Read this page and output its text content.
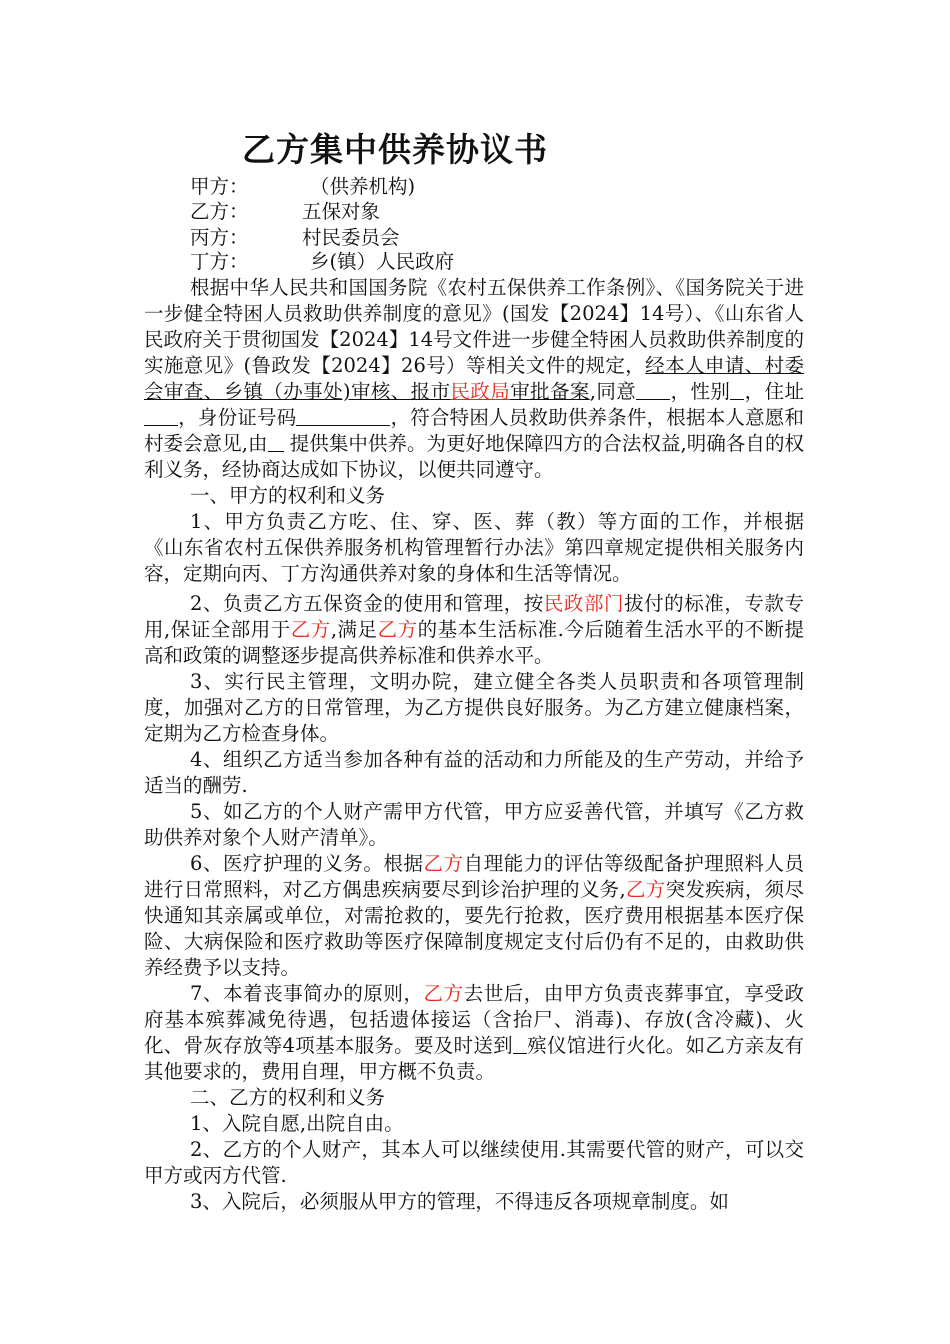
乙方集中供养协议书
甲方：	（供养机构)
乙方：	五保对象
丙方：	村民委员会
丁方：	乡(镇）人民政府

根据中华人民共和国国务院《农村五保供养工作条例》、《国务院关于进一步健全特困人员救助供养制度的意见》(国发【2024】14号）、《山东省人民政府关于贯彻国发【2024】14号文件进一步健全特困人员救助供养制度的实施意见》(鲁政发【2024】26号）等相关文件的规定，经本人申请、村委会审查、乡镇（办事处)审核、报市民政局审批备案,同意 ，性别 ，住址，身份证号码	，符合特困人员救助供养条件，根据本人意愿和村委会意见,由 提供集中供养。为更好地保障四方的合法权益,明确各自的权利义务，经协商达成如下协议，以便共同遵守。

一、甲方的权利和义务

1、甲方负责乙方吃、住、穿、医、葬（教）等方面的工作，并根据《山东省农村五保供养服务机构管理暂行办法》第四章规定提供相关服务内容，定期向丙、丁方沟通供养对象的身体和生活等情况。

2、负责乙方五保资金的使用和管理，按民政部门拔付的标准，专款专用,保证全部用于乙方,满足乙方的基本生活标准.今后随着生活水平的不断提高和政策的调整逐步提高供养标准和供养水平。

3、实行民主管理，文明办院，建立健全各类人员职责和各项管理制度，加强对乙方的日常管理，为乙方提供良好服务。为乙方建立健康档案，定期为乙方检查身体。

4、组织乙方适当参加各种有益的活动和力所能及的生产劳动，并给予适当的酬劳.

5、如乙方的个人财产需甲方代管，甲方应妥善代管，并填写《乙方救助供养对象个人财产清单》。

6、医疗护理的义务。根据乙方自理能力的评估等级配备护理照料人员进行日常照料，对乙方偶患疾病要尽到诊治护理的义务,乙方突发疾病，须尽快通知其亲属或单位，对需抢救的，要先行抢救，医疗费用根据基本医疗保险、大病保险和医疗救助等医疗保障制度规定支付后仍有不足的，由救助供养经费予以支持。

7、本着丧事简办的原则，乙方去世后，由甲方负责丧葬事宜，享受政府基本殡葬减免待遇，包括遗体接运（含抬尸、消毒)、存放(含冷藏)、火化、骨灰存放等4项基本服务。要及时送到 殡仪馆进行火化。如乙方亲友有其他要求的，费用自理，甲方概不负责。

二、乙方的权利和义务

1、入院自愿,出院自由。

2、乙方的个人财产，其本人可以继续使用.其需要代管的财产，可以交甲方或丙方代管.

3、入院后，必须服从甲方的管理，不得违反各项规章制度。如
